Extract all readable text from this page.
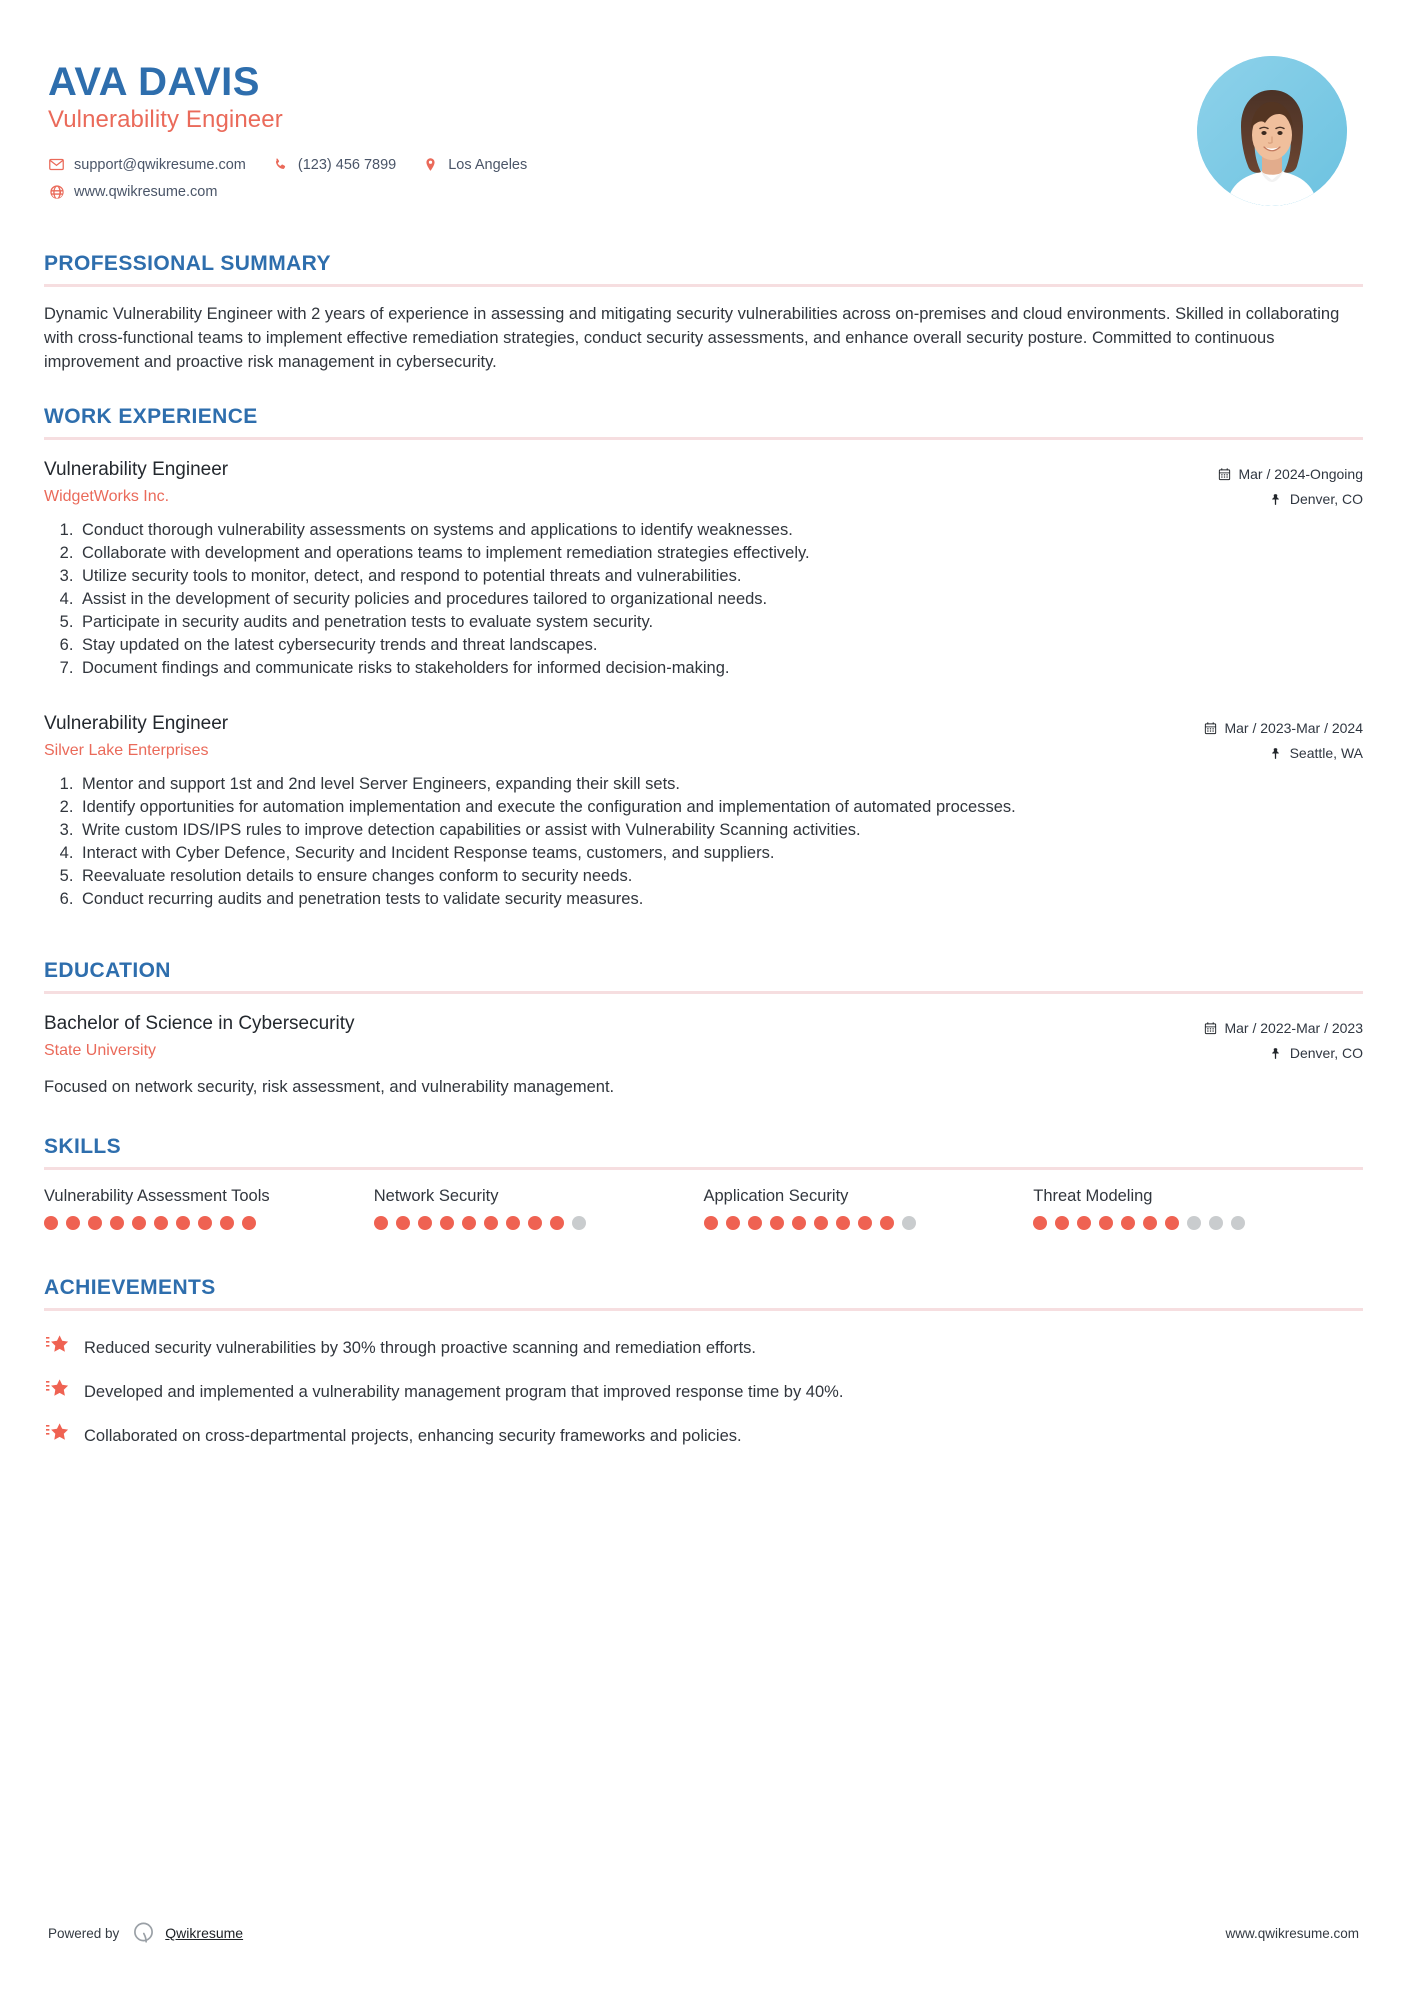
AVA DAVIS
Vulnerability Engineer
support@qwikresume.com	(123) 456 7899	Los Angeles
www.qwikresume.com
PROFESSIONAL SUMMARY
Dynamic Vulnerability Engineer with 2 years of experience in assessing and mitigating security vulnerabilities across on-premises and cloud environments. Skilled in collaborating with cross-functional teams to implement effective remediation strategies, conduct security assessments, and enhance overall security posture. Committed to continuous improvement and proactive risk management in cybersecurity.
WORK EXPERIENCE
Vulnerability Engineer
WidgetWorks Inc.
Mar / 2024-Ongoing
Denver, CO
1. Conduct thorough vulnerability assessments on systems and applications to identify weaknesses.
2. Collaborate with development and operations teams to implement remediation strategies effectively.
3. Utilize security tools to monitor, detect, and respond to potential threats and vulnerabilities.
4. Assist in the development of security policies and procedures tailored to organizational needs.
5. Participate in security audits and penetration tests to evaluate system security.
6. Stay updated on the latest cybersecurity trends and threat landscapes.
7. Document findings and communicate risks to stakeholders for informed decision-making.
Vulnerability Engineer
Silver Lake Enterprises
Mar / 2023-Mar / 2024
Seattle, WA
1. Mentor and support 1st and 2nd level Server Engineers, expanding their skill sets.
2. Identify opportunities for automation implementation and execute the configuration and implementation of automated processes.
3. Write custom IDS/IPS rules to improve detection capabilities or assist with Vulnerability Scanning activities.
4. Interact with Cyber Defence, Security and Incident Response teams, customers, and suppliers.
5. Reevaluate resolution details to ensure changes conform to security needs.
6. Conduct recurring audits and penetration tests to validate security measures.
EDUCATION
Bachelor of Science in Cybersecurity
State University
Mar / 2022-Mar / 2023
Denver, CO
Focused on network security, risk assessment, and vulnerability management.
SKILLS
Vulnerability Assessment Tools	Network Security	Application Security	Threat Modeling
ACHIEVEMENTS
Reduced security vulnerabilities by 30% through proactive scanning and remediation efforts.
Developed and implemented a vulnerability management program that improved response time by 40%.
Collaborated on cross-departmental projects, enhancing security frameworks and policies.
Powered by	Qwikresume	www.qwikresume.com
